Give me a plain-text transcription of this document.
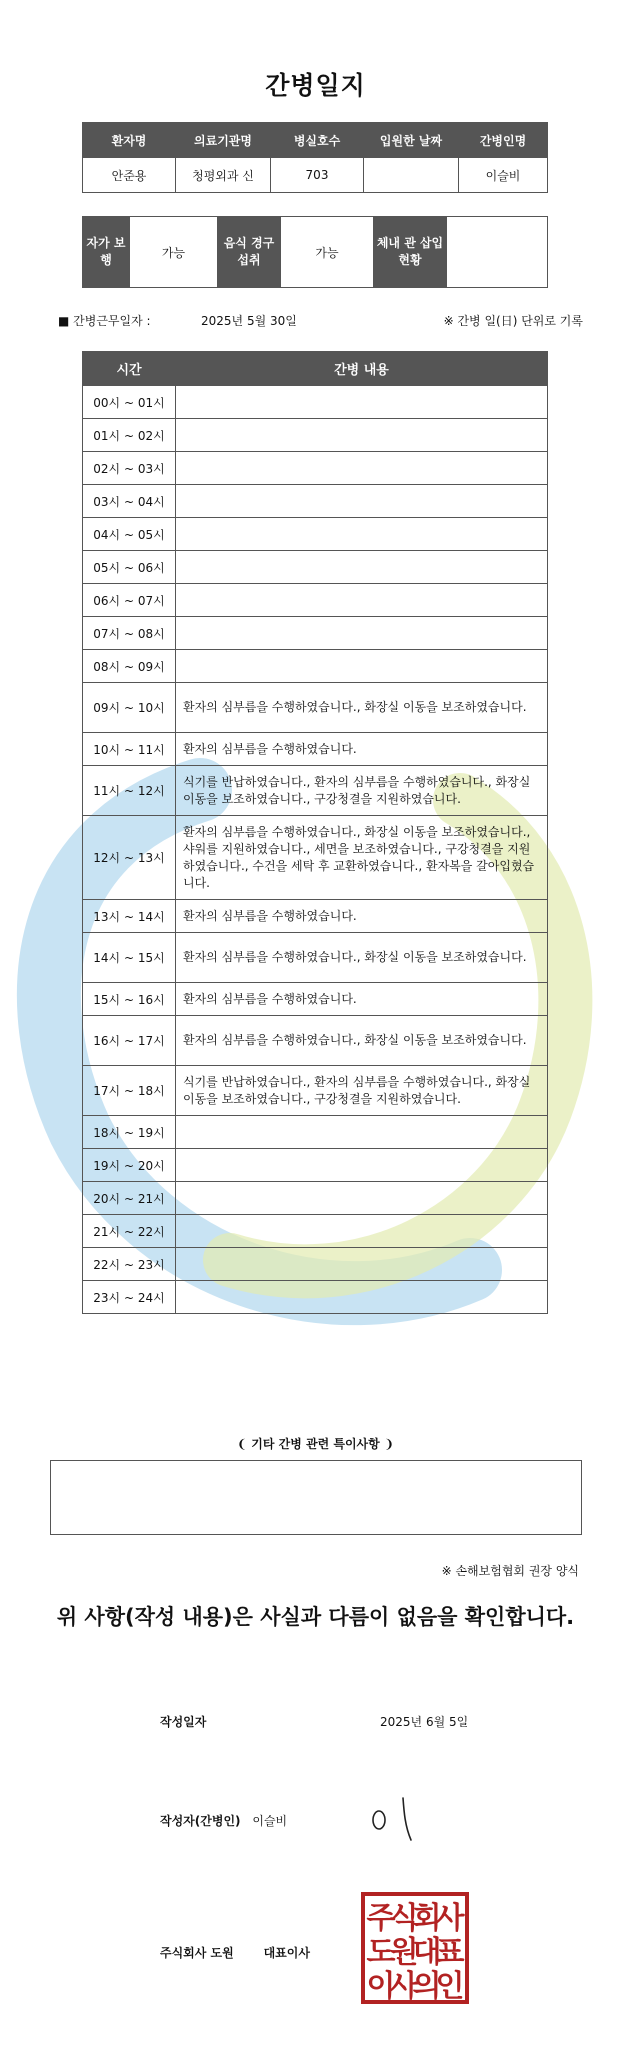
간병일지
환자명	의료기관명	병실호수	입원한 날짜	간병인명
안준용	청평외과 신	703		이슬비
자가 보행	가능	음식 경구 섭취	가능	체내 관 삽입 현황	
■ 간병근무일자 :	2025년 5월 30일	※ 간병 일(日) 단위로 기록
시간	간병 내용
00시 ~ 01시	
01시 ~ 02시	
02시 ~ 03시	
03시 ~ 04시	
04시 ~ 05시	
05시 ~ 06시	
06시 ~ 07시	
07시 ~ 08시	
08시 ~ 09시	
09시 ~ 10시	환자의 심부름을 수행하였습니다., 화장실 이동을 보조하였습니다.
10시 ~ 11시	환자의 심부름을 수행하였습니다.
11시 ~ 12시	식기를 반납하였습니다., 환자의 심부름을 수행하였습니다., 화장실 이동을 보조하였습니다., 구강청결을 지원하였습니다.
12시 ~ 13시	환자의 심부름을 수행하였습니다., 화장실 이동을 보조하였습니다., 샤워를 지원하였습니다., 세면을 보조하였습니다., 구강청결을 지원하였습니다., 수건을 세탁 후 교환하였습니다., 환자복을 갈아입혔습니다.
13시 ~ 14시	환자의 심부름을 수행하였습니다.
14시 ~ 15시	환자의 심부름을 수행하였습니다., 화장실 이동을 보조하였습니다.
15시 ~ 16시	환자의 심부름을 수행하였습니다.
16시 ~ 17시	환자의 심부름을 수행하였습니다., 화장실 이동을 보조하였습니다.
17시 ~ 18시	식기를 반납하였습니다., 환자의 심부름을 수행하였습니다., 화장실 이동을 보조하였습니다., 구강청결을 지원하였습니다.
18시 ~ 19시	
19시 ~ 20시	
20시 ~ 21시	
21시 ~ 22시	
22시 ~ 23시	
23시 ~ 24시	
❨ 기타 간병 관련 특이사항 ❩
※ 손해보험협회 권장 양식
위 사항(작성 내용)은 사실과 다름이 없음을 확인합니다.
작성일자	2025년 6월 5일
작성자(간병인) 이슬비
주식회사 도원 대표이사
주
식
회
사
도
원
대
표
이
사
의
인
